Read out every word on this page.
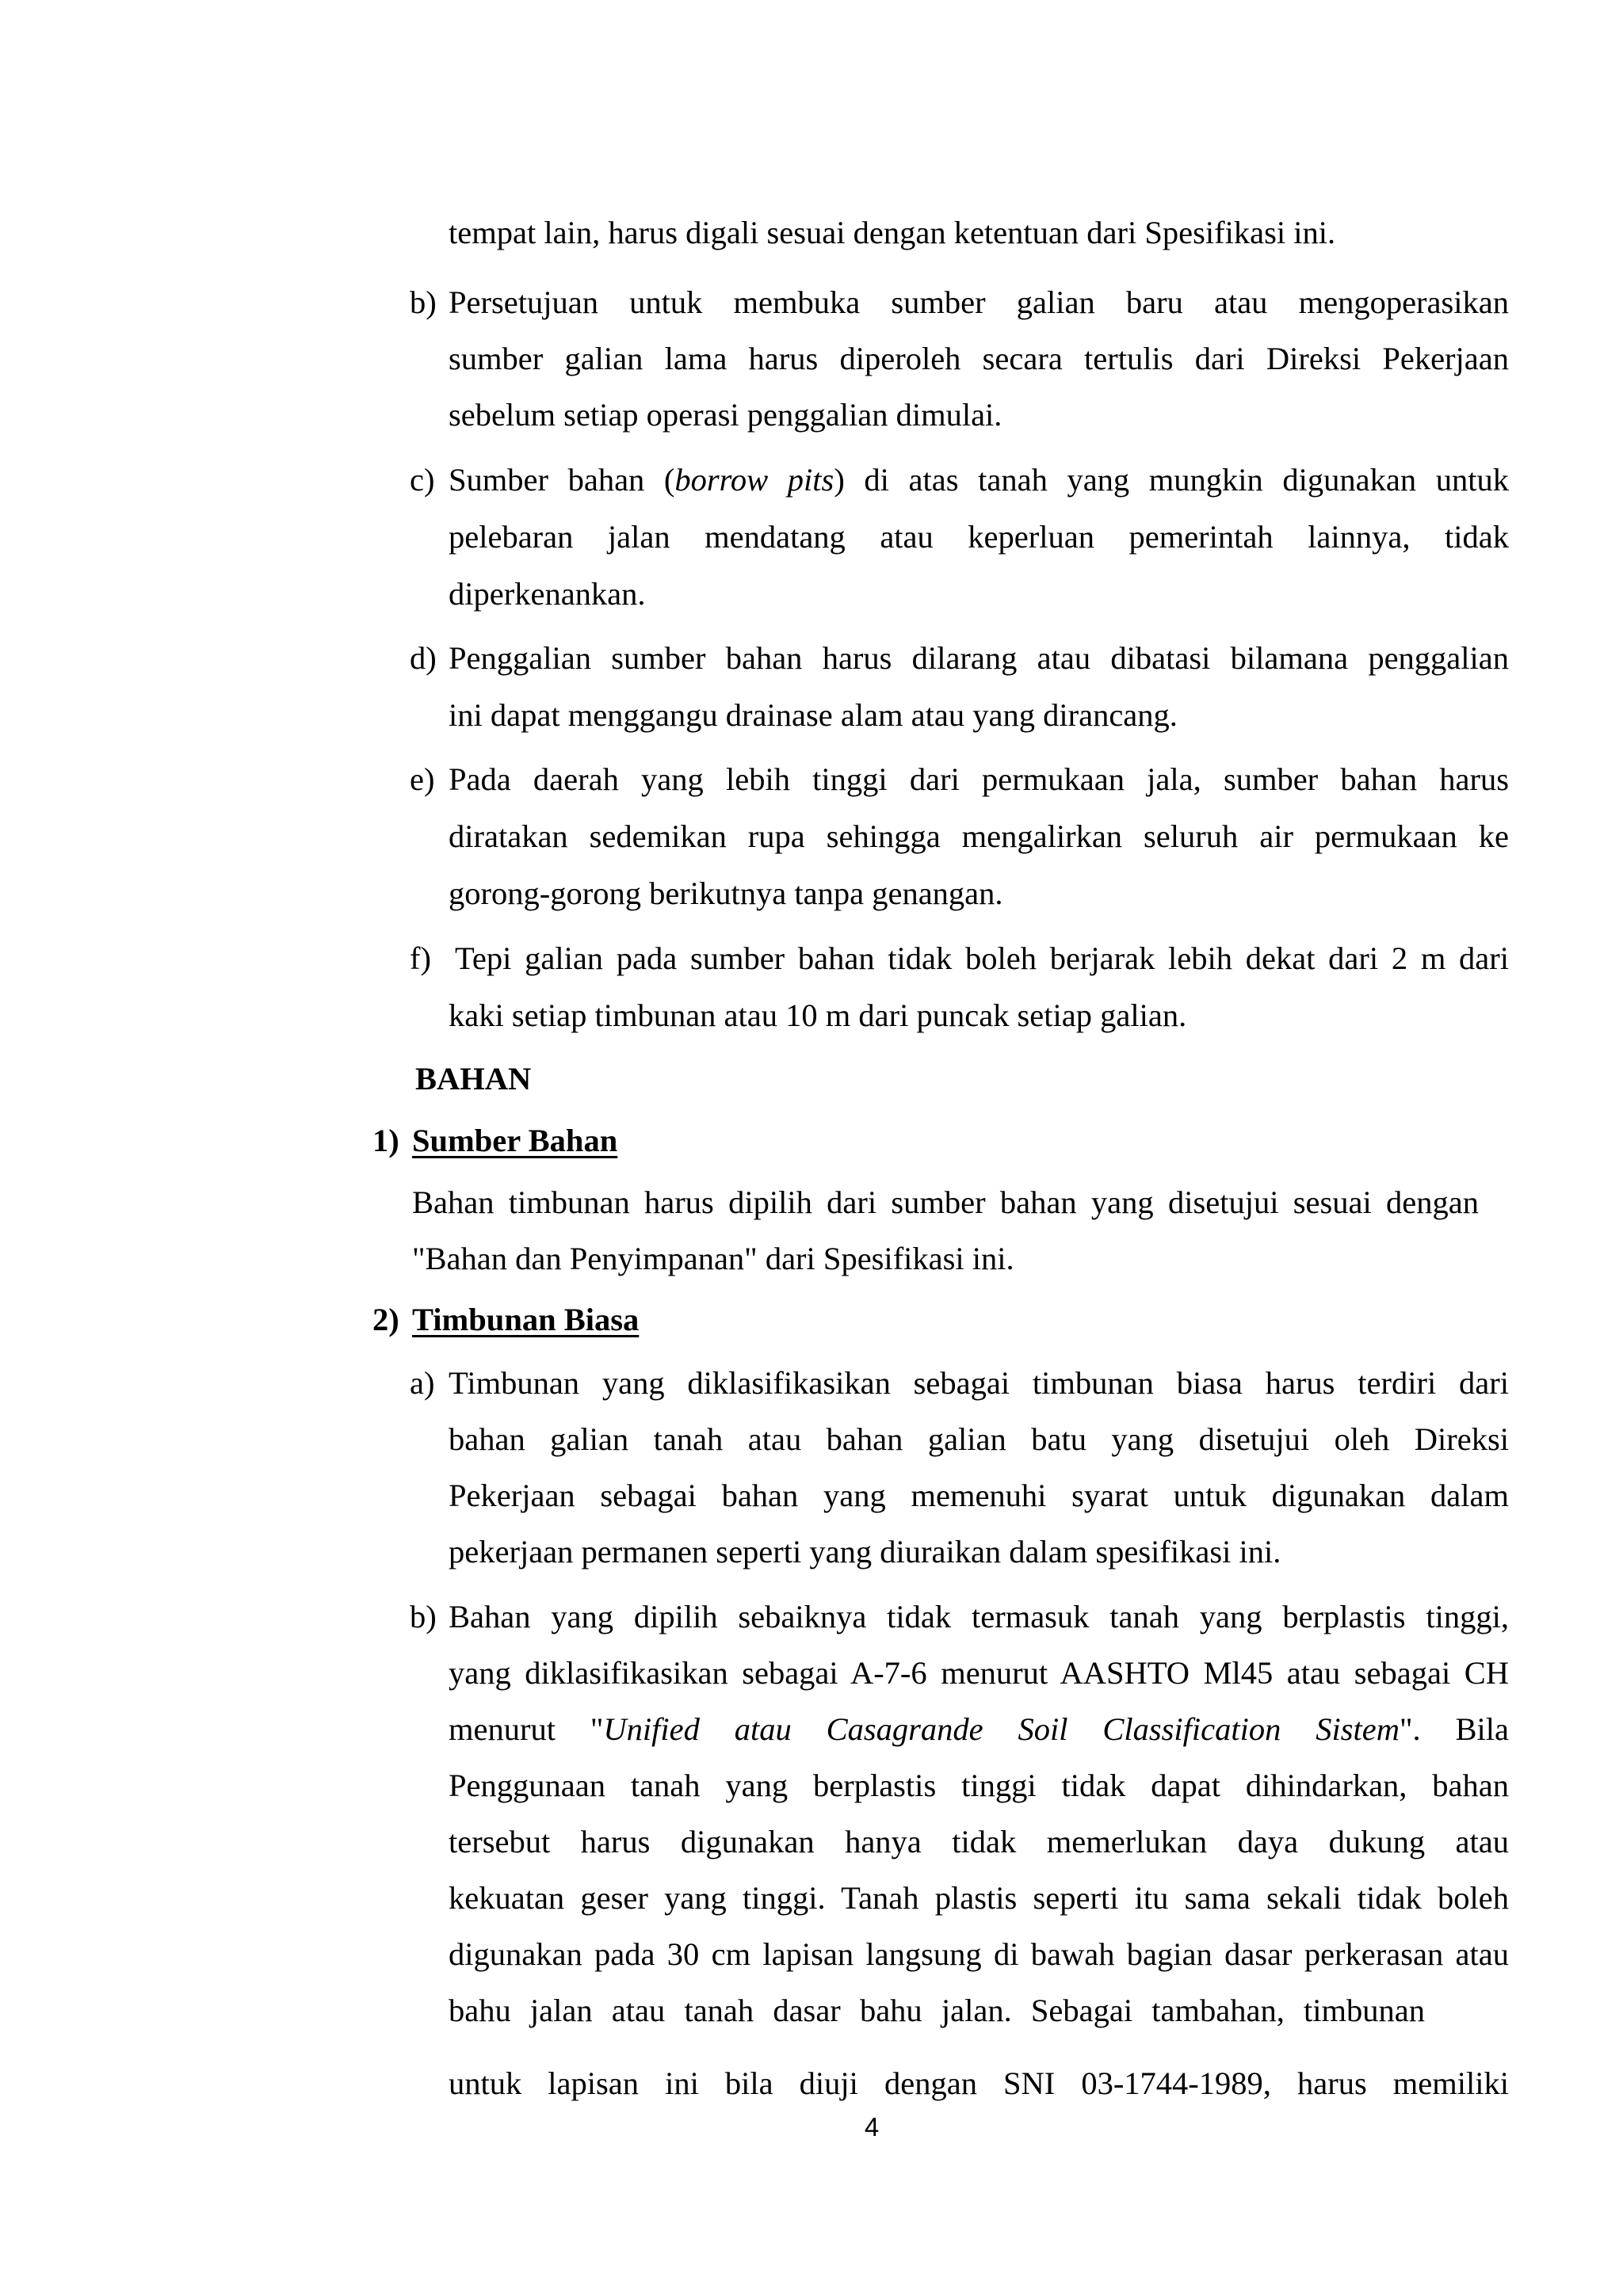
tempat lain, harus digali sesuai dengan ketentuan dari Spesifikasi ini.
b) Persetujuan untuk membuka sumber galian baru atau mengoperasikan
sumber galian lama harus diperoleh secara tertulis dari Direksi Pekerjaan
sebelum setiap operasi penggalian dimulai.
c) Sumber bahan (borrow pits) di atas tanah yang mungkin digunakan untuk
pelebaran jalan mendatang atau keperluan pemerintah lainnya, tidak
diperkenankan.
d) Penggalian sumber bahan harus dilarang atau dibatasi bilamana penggalian
ini dapat menggangu drainase alam atau yang dirancang.
e) Pada daerah yang lebih tinggi dari permukaan jala, sumber bahan harus
diratakan sedemikan rupa sehingga mengalirkan seluruh air permukaan ke
gorong-gorong berikutnya tanpa genangan.
f) Tepi galian pada sumber bahan tidak boleh berjarak lebih dekat dari 2 m dari
kaki setiap timbunan atau 10 m dari puncak setiap galian.
BAHAN
1) Sumber Bahan
Bahan timbunan harus dipilih dari sumber bahan yang disetujui sesuai dengan
"Bahan dan Penyimpanan" dari Spesifikasi ini.
2) Timbunan Biasa
a) Timbunan yang diklasifikasikan sebagai timbunan biasa harus terdiri dari
bahan galian tanah atau bahan galian batu yang disetujui oleh Direksi
Pekerjaan sebagai bahan yang memenuhi syarat untuk digunakan dalam
pekerjaan permanen seperti yang diuraikan dalam spesifikasi ini.
b) Bahan yang dipilih sebaiknya tidak termasuk tanah yang berplastis tinggi,
yang diklasifikasikan sebagai A-7-6 menurut AASHTO Ml45 atau sebagai CH
menurut "Unified atau Casagrande Soil Classification Sistem". Bila
Penggunaan tanah yang berplastis tinggi tidak dapat dihindarkan, bahan
tersebut harus digunakan hanya tidak memerlukan daya dukung atau
kekuatan geser yang tinggi. Tanah plastis seperti itu sama sekali tidak boleh
digunakan pada 30 cm lapisan langsung di bawah bagian dasar perkerasan atau
bahu jalan atau tanah dasar bahu jalan. Sebagai tambahan, timbunan
untuk lapisan ini bila diuji dengan SNI 03-1744-1989, harus memiliki
4
